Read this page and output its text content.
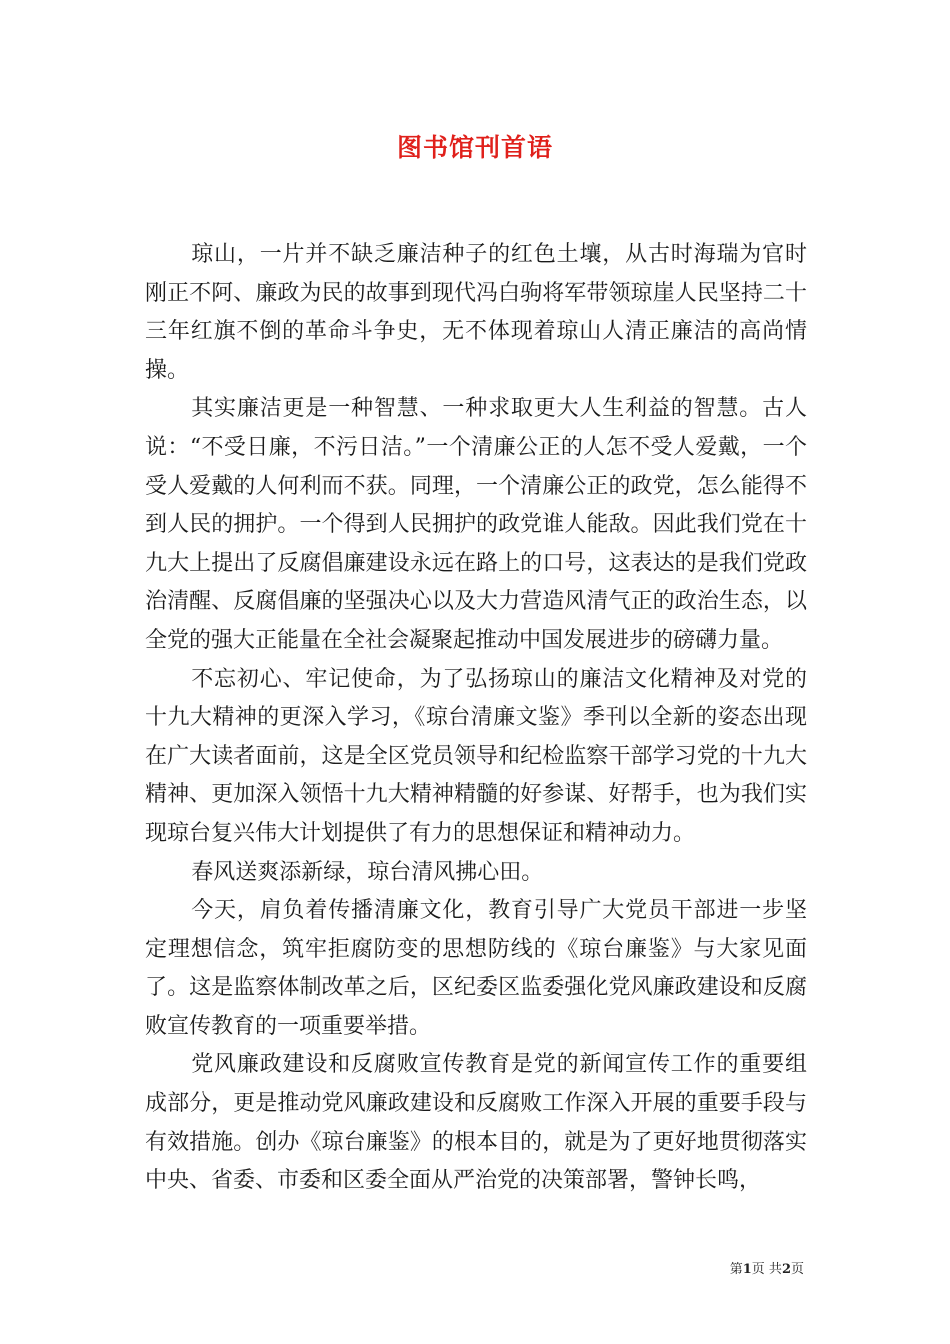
图书馆刊首语

琼山，一片并不缺乏廉洁种子的红色土壤，从古时海瑞为官时刚正不阿、廉政为民的故事到现代冯白驹将军带领琼崖人民坚持二十三年红旗不倒的革命斗争史，无不体现着琼山人清正廉洁的高尚情操。

其实廉洁更是一种智慧、一种求取更大人生利益的智慧。古人说：“不受日廉，不污日洁。”一个清廉公正的人怎不受人爱戴，一个受人爱戴的人何利而不获。同理，一个清廉公正的政党，怎么能得不到人民的拥护。一个得到人民拥护的政党谁人能敌。因此我们党在十九大上提出了反腐倡廉建设永远在路上的口号，这表达的是我们党政治清醒、反腐倡廉的坚强决心以及大力营造风清气正的政治生态，以全党的强大正能量在全社会凝聚起推动中国发展进步的磅礴力量。

不忘初心、牢记使命，为了弘扬琼山的廉洁文化精神及对党的十九大精神的更深入学习，《琼台清廉文鉴》季刊以全新的姿态出现在广大读者面前，这是全区党员领导和纪检监察干部学习党的十九大精神、更加深入领悟十九大精神精髓的好参谋、好帮手，也为我们实现琼台复兴伟大计划提供了有力的思想保证和精神动力。

春风送爽添新绿，琼台清风拂心田。

今天，肩负着传播清廉文化，教育引导广大党员干部进一步坚定理想信念，筑牢拒腐防变的思想防线的《琼台廉鉴》与大家见面了。这是监察体制改革之后，区纪委区监委强化党风廉政建设和反腐败宣传教育的一项重要举措。

党风廉政建设和反腐败宣传教育是党的新闻宣传工作的重要组成部分，更是推动党风廉政建设和反腐败工作深入开展的重要手段与有效措施。创办《琼台廉鉴》的根本目的，就是为了更好地贯彻落实中央、省委、市委和区委全面从严治党的决策部署，警钟长鸣，

第1页 共2页
